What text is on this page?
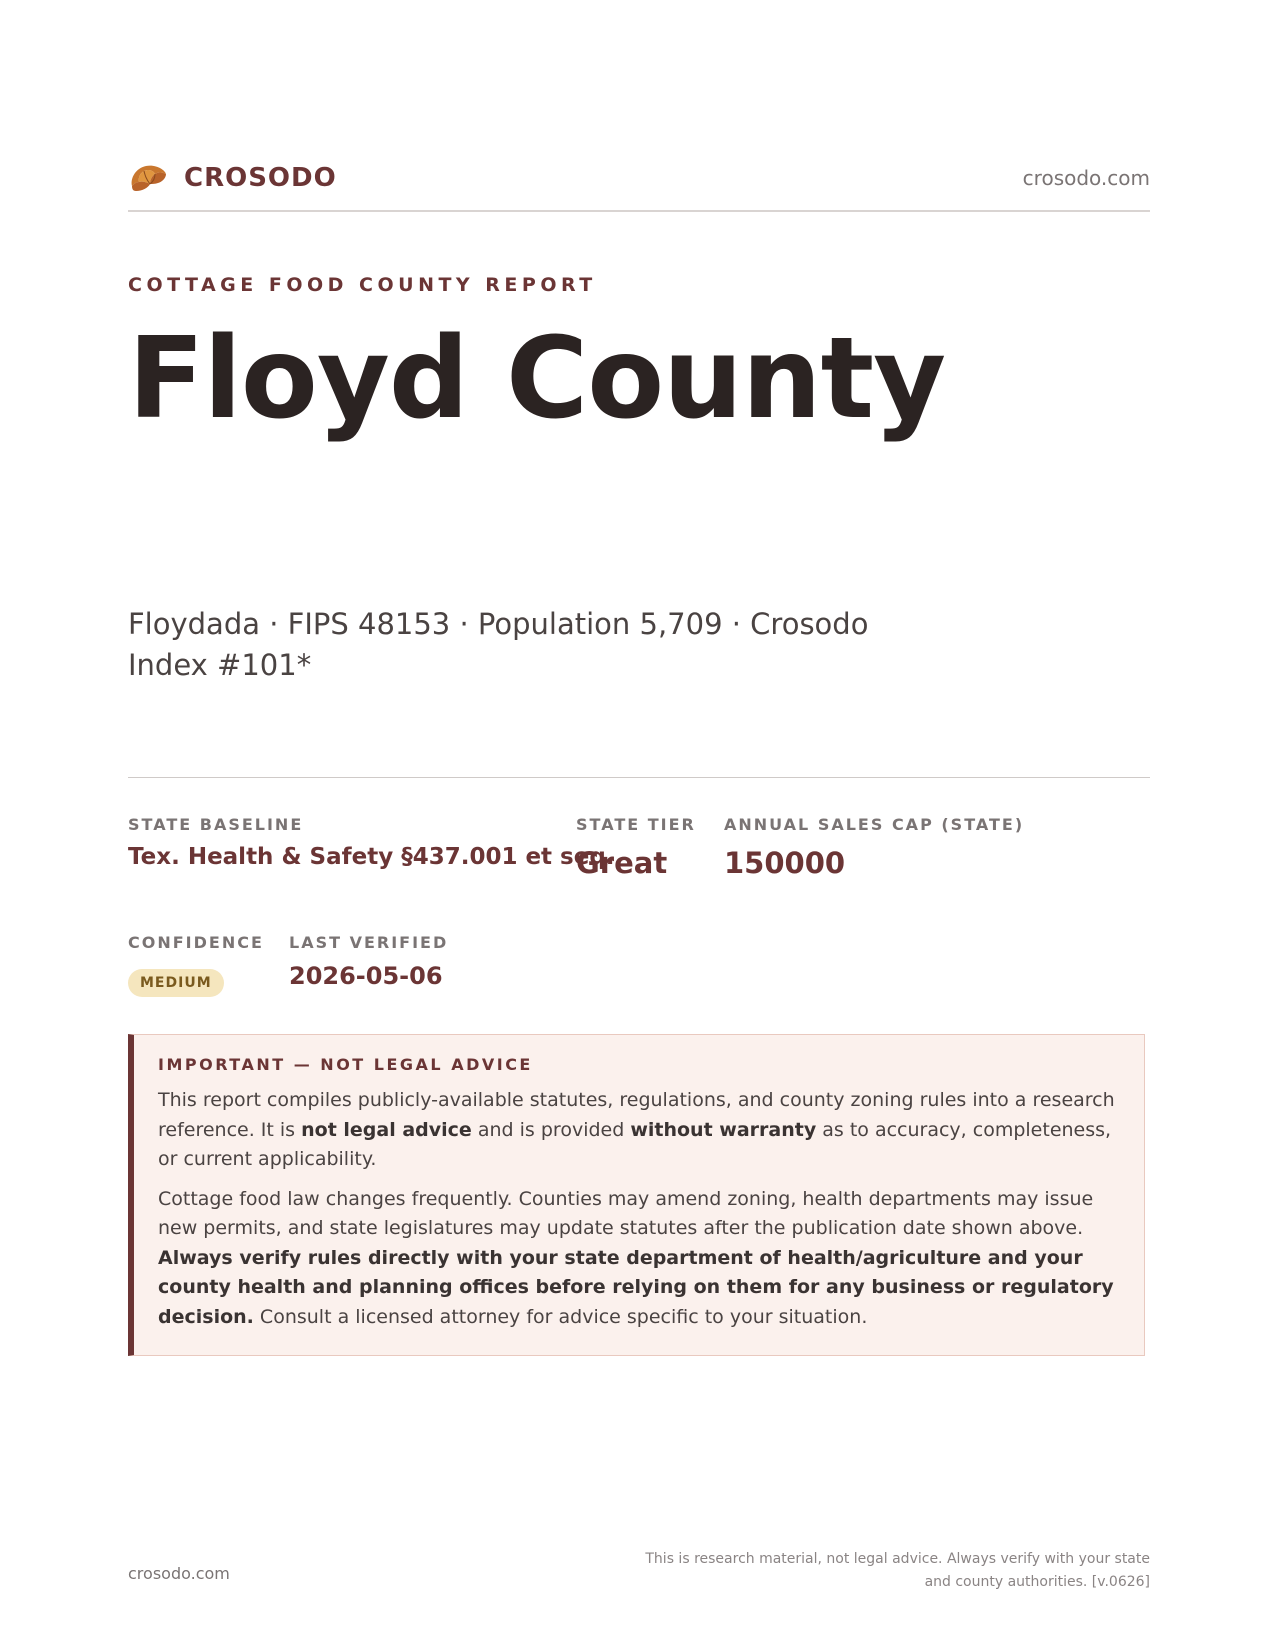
CROSODO	crosodo.com
COTTAGE FOOD COUNTY REPORT
Floyd County
Floydada · FIPS 48153 · Population 5,709 · Crosodo Index #101*
STATE BASELINE
Tex. Health & Safety §437.001 et seq.
STATE TIER
Great
ANNUAL SALES CAP (STATE)
150000
CONFIDENCE
MEDIUM
LAST VERIFIED
2026-05-06
IMPORTANT — NOT LEGAL ADVICE

This report compiles publicly-available statutes, regulations, and county zoning rules into a research reference. It is not legal advice and is provided without warranty as to accuracy, completeness, or current applicability.

Cottage food law changes frequently. Counties may amend zoning, health departments may issue new permits, and state legislatures may update statutes after the publication date shown above. Always verify rules directly with your state department of health/agriculture and your county health and planning offices before relying on them for any business or regulatory decision. Consult a licensed attorney for advice specific to your situation.

crosodo.com
This is research material, not legal advice. Always verify with your state
and county authorities. [v.0626]
